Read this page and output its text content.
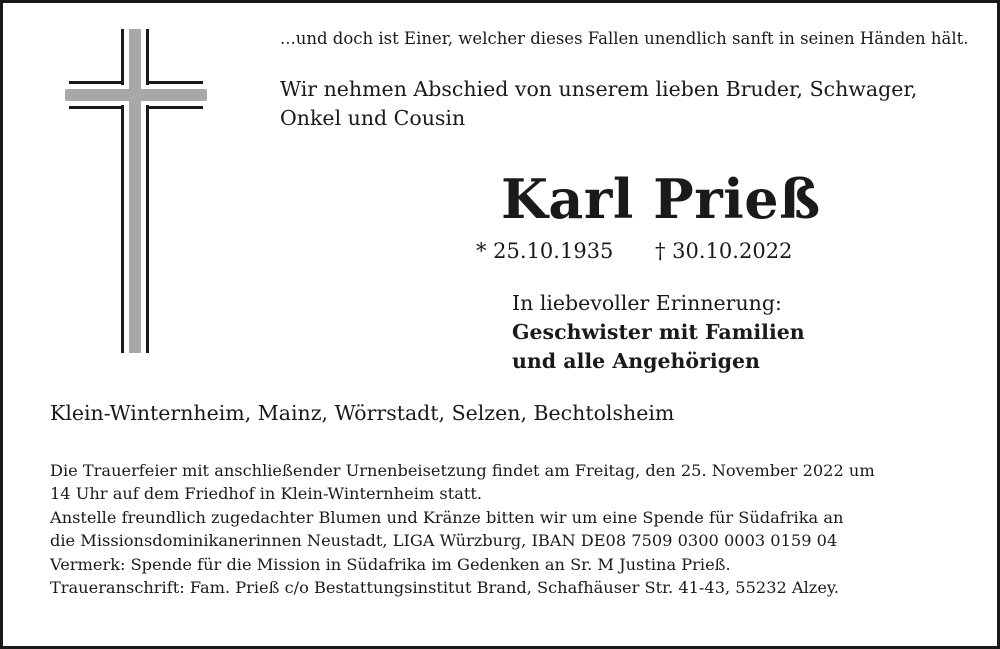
...und doch ist Einer, welcher dieses Fallen unendlich sanft in seinen Händen hält.
Wir nehmen Abschied von unserem lieben Bruder, Schwager,
Onkel und Cousin
Karl Prieß
* 25.10.1935 † 30.10.2022
In liebevoller Erinnerung:
Geschwister mit Familien
und alle Angehörigen
Klein-Winternheim, Mainz, Wörrstadt, Selzen, Bechtolsheim
Die Trauerfeier mit anschließender Urnenbeisetzung findet am Freitag, den 25. November 2022 um
14 Uhr auf dem Friedhof in Klein-Winternheim statt.
Anstelle freundlich zugedachter Blumen und Kränze bitten wir um eine Spende für Südafrika an
die Missionsdominikanerinnen Neustadt, LIGA Würzburg, IBAN DE08 7509 0300 0003 0159 04
Vermerk: Spende für die Mission in Südafrika im Gedenken an Sr. M Justina Prieß.
Traueranschrift: Fam. Prieß c/o Bestattungsinstitut Brand, Schafhäuser Str. 41-43, 55232 Alzey.
